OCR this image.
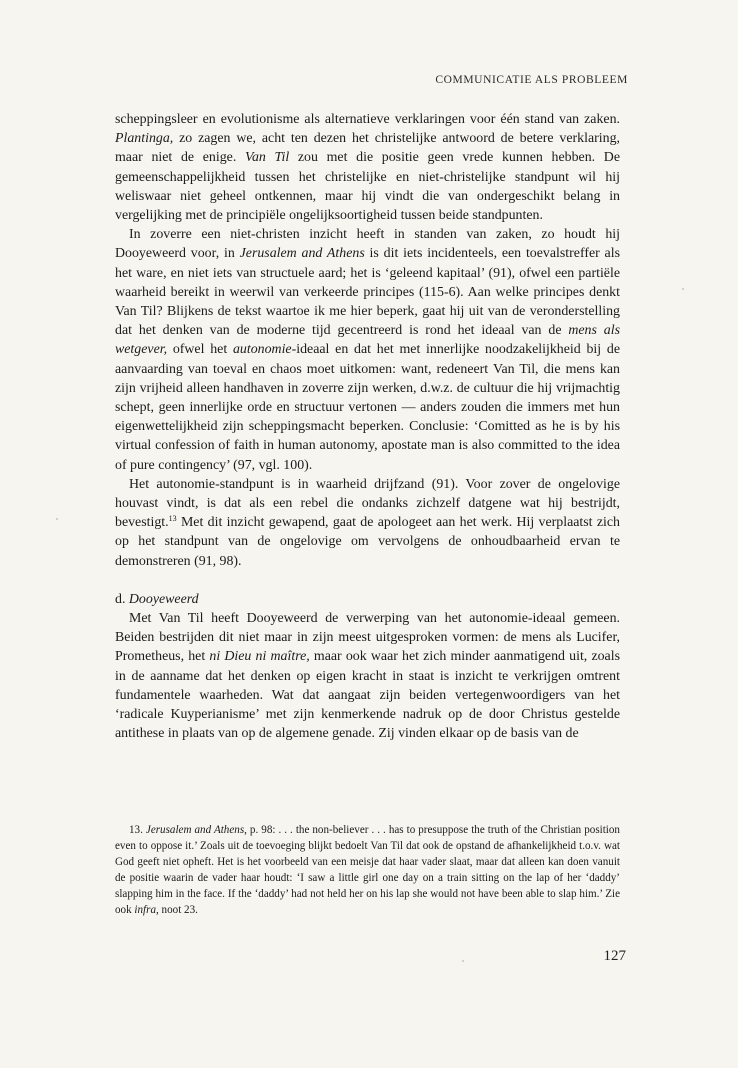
COMMUNICATIE ALS PROBLEEM

scheppingsleer en evolutionisme als alternatieve verklaringen voor één stand van zaken. Plantinga, zo zagen we, acht ten dezen het christelijke antwoord de betere verklaring, maar niet de enige. Van Til zou met die positie geen vrede kunnen hebben. De gemeenschappelijkheid tussen het christelijke en niet-christelijke standpunt wil hij weliswaar niet geheel ontkennen, maar hij vindt die van ondergeschikt belang in vergelijking met de principiële ongelijksoortigheid tussen beide standpunten.

In zoverre een niet-christen inzicht heeft in standen van zaken, zo houdt hij Dooyeweerd voor, in Jerusalem and Athens is dit iets incidenteels, een toevalstreffer als het ware, en niet iets van structuele aard; het is ‘geleend kapitaal’ (91), ofwel een partiële waarheid bereikt in weerwil van verkeerde principes (115-6). Aan welke principes denkt Van Til? Blijkens de tekst waartoe ik me hier beperk, gaat hij uit van de veronderstelling dat het denken van de moderne tijd gecentreerd is rond het ideaal van de mens als wetgever, ofwel het autonomie-ideaal en dat het met innerlijke noodzakelijkheid bij de aanvaarding van toeval en chaos moet uitkomen: want, redeneert Van Til, die mens kan zijn vrijheid alleen handhaven in zoverre zijn werken, d.w.z. de cultuur die hij vrijmachtig schept, geen innerlijke orde en structuur vertonen — anders zouden die immers met hun eigenwettelijkheid zijn scheppingsmacht beperken. Conclusie: ‘Comitted as he is by his virtual confession of faith in human autonomy, apostate man is also committed to the idea of pure contingency’ (97, vgl. 100).

Het autonomie-standpunt is in waarheid drijfzand (91). Voor zover de ongelovige houvast vindt, is dat als een rebel die ondanks zichzelf datgene wat hij bestrijdt, bevestigt.$^{13}$ Met dit inzicht gewapend, gaat de apologeet aan het werk. Hij verplaatst zich op het standpunt van de ongelovige om vervolgens de onhoudbaarheid ervan te demonstreren (91, 98).

d. Dooyeweerd

Met Van Til heeft Dooyeweerd de verwerping van het autonomie-ideaal gemeen. Beiden bestrijden dit niet maar in zijn meest uitgesproken vormen: de mens als Lucifer, Prometheus, het ni Dieu ni maître, maar ook waar het zich minder aanmatigend uit, zoals in de aanname dat het denken op eigen kracht in staat is inzicht te verkrijgen omtrent fundamentele waarheden. Wat dat aangaat zijn beiden vertegenwoordigers van het ‘radicale Kuyperianisme’ met zijn kenmerkende nadruk op de door Christus gestelde antithese in plaats van op de algemene genade. Zij vinden elkaar op de basis van de

13. Jerusalem and Athens, p. 98: . . . the non-believer . . . has to presuppose the truth of the Christian position even to oppose it.’ Zoals uit de toevoeging blijkt bedoelt Van Til dat ook de opstand de afhankelijkheid t.o.v. wat God geeft niet opheft. Het is het voorbeeld van een meisje dat haar vader slaat, maar dat alleen kan doen vanuit de positie waarin de vader haar houdt: ‘I saw a little girl one day on a train sitting on the lap of her ‘daddy’ slapping him in the face. If the ‘daddy’ had not held her on his lap she would not have been able to slap him.’ Zie ook infra, noot 23.

127
